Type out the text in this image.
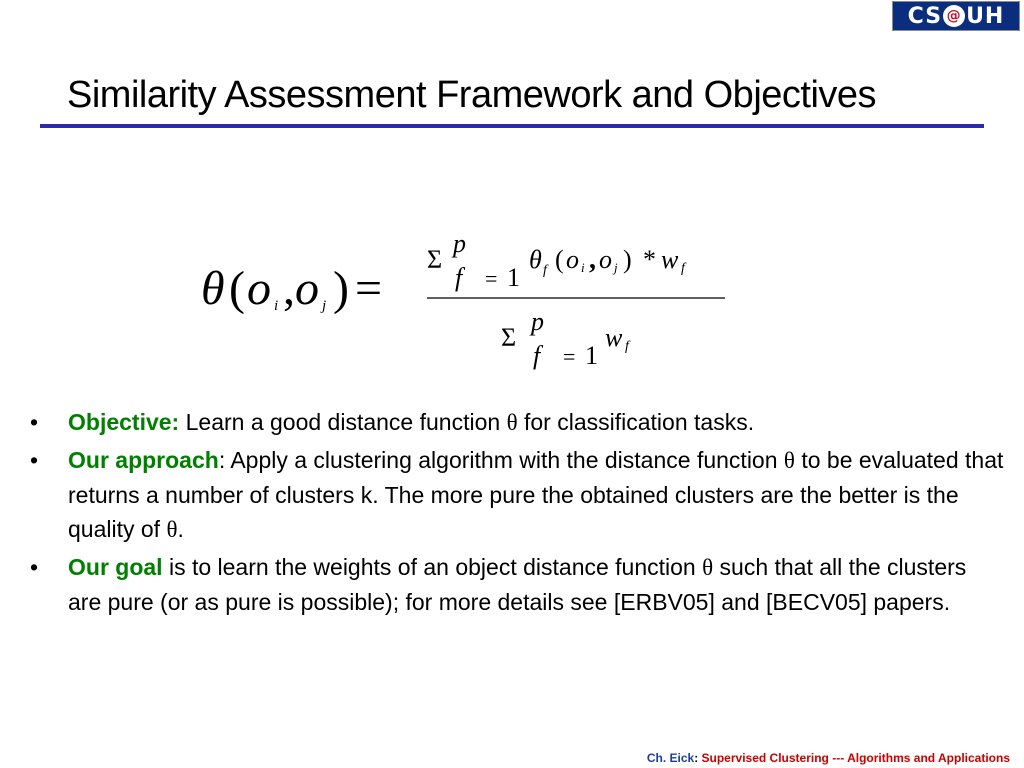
CS @ UH
Similarity Assessment Framework and Objectives
θ ( o i , o j ) =
Σ
p
f = 1
θ f ( o i , o j ) * w f
Σ
p
f = 1
w f
• Objective: Learn a good distance function θ for classification tasks.
• Our approach: Apply a clustering algorithm with the distance function θ to be evaluated that returns a number of clusters k. The more pure the obtained clusters are the better is the quality of θ.
• Our goal is to learn the weights of an object distance function θ such that all the clusters are pure (or as pure is possible); for more details see [ERBV05] and [BECV05] papers.
Ch. Eick: Supervised Clustering --- Algorithms and Applications
